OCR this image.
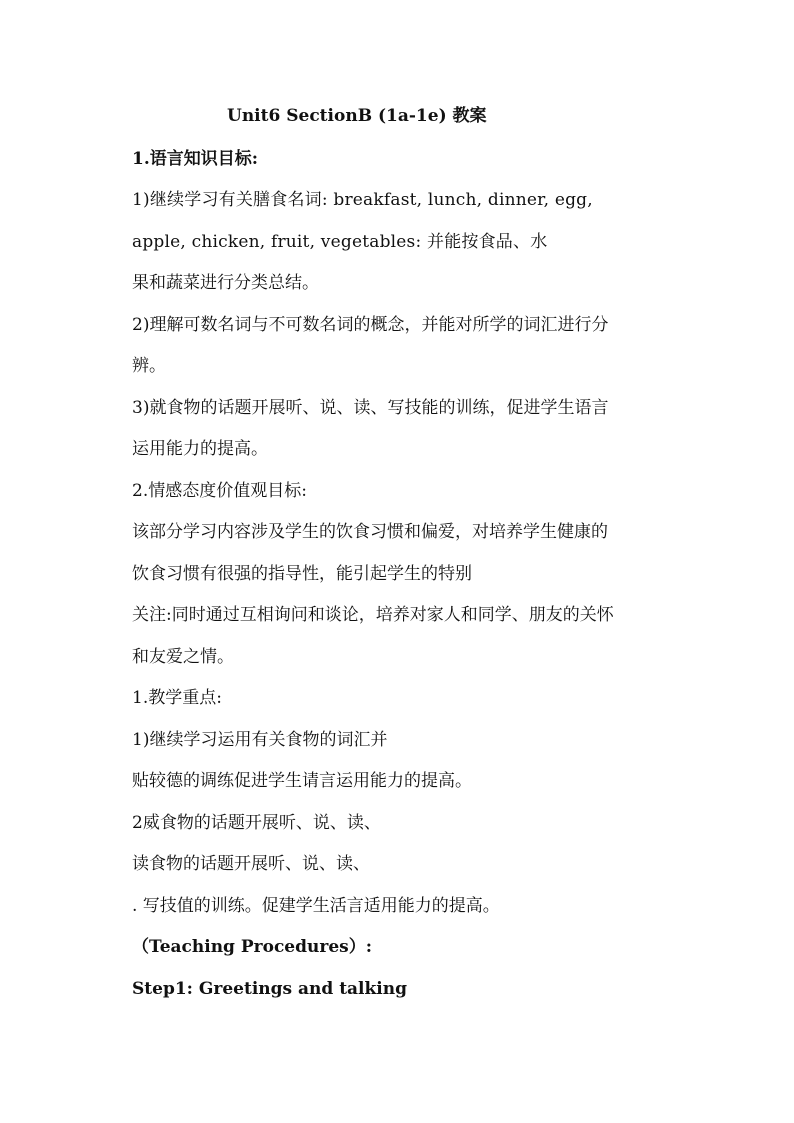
Unit6 SectionB (1a-1e) 教案
1.语言知识目标:
1)继续学习有关膳食名词: breakfast, lunch, dinner, egg,
apple, chicken, fruit, vegetables: 并能按食品、水
果和蔬菜进行分类总结。
2)理解可数名词与不可数名词的概念，并能对所学的词汇进行分
辨。
3)就食物的话题开展听、说、读、写技能的训练，促进学生语言
运用能力的提高。
2.情感态度价值观目标:
该部分学习内容涉及学生的饮食习惯和偏爱，对培养学生健康的
饮食习惯有很强的指导性，能引起学生的特别
关注:同时通过互相询问和谈论，培养对家人和同学、朋友的关怀
和友爱之情。
1.教学重点:
1)继续学习运用有关食物的词汇并
贴较德的调练促进学生请言运用能力的提高。
2威食物的话题开展听、说、读、
读食物的话题开展听、说、读、
. 写技值的训练。促建学生活言适用能力的提高。
（Teaching Procedures）:
Step1: Greetings and talking
